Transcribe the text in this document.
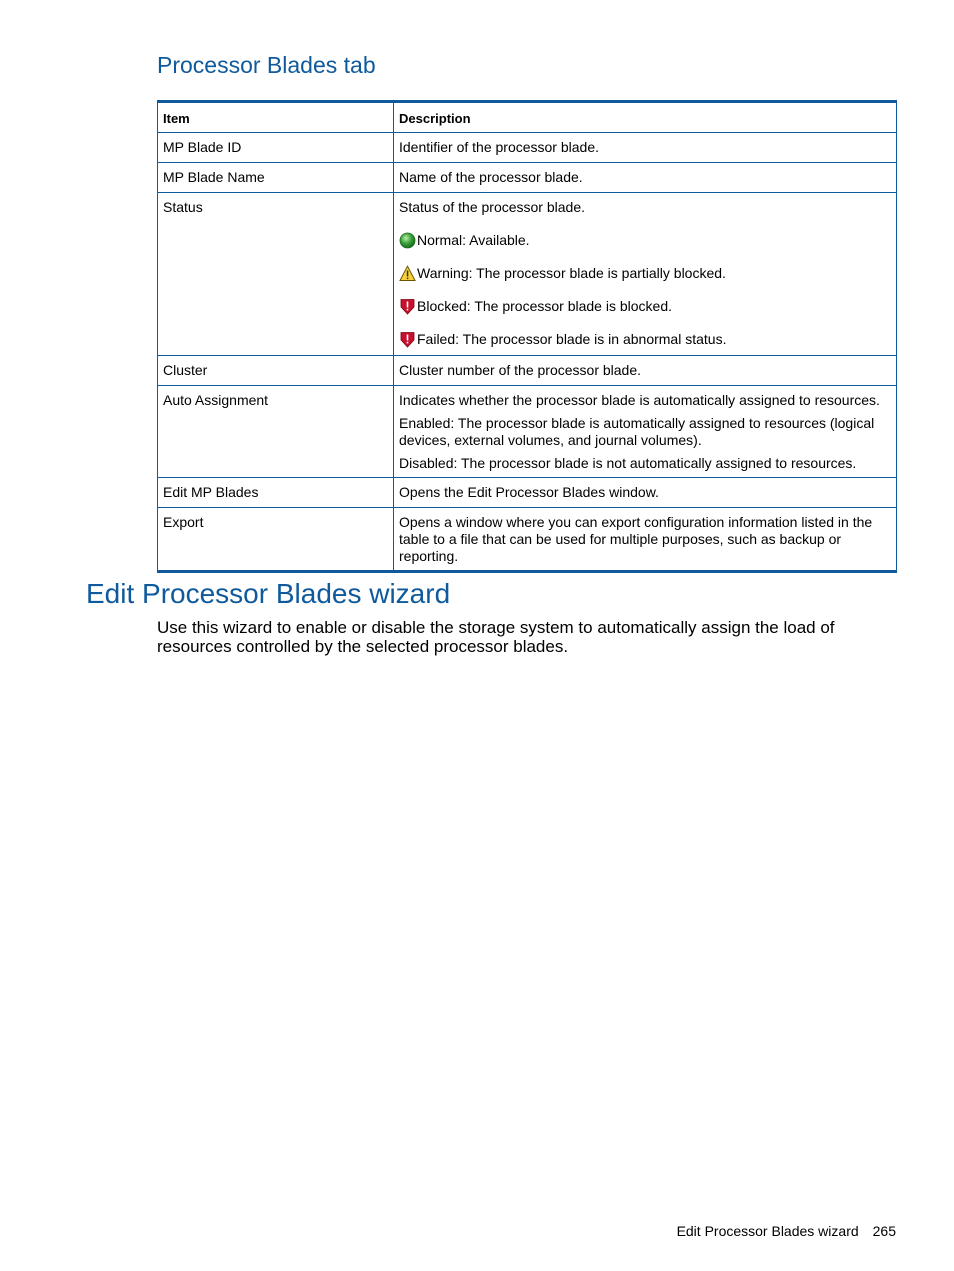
Processor Blades tab
Item	Description
MP Blade ID	Identifier of the processor blade.
MP Blade Name	Name of the processor blade.
Status	Status of the processor blade.
Normal: Available.
Warning: The processor blade is partially blocked.
Blocked: The processor blade is blocked.
Failed: The processor blade is in abnormal status.

Cluster	Cluster number of the processor blade.
Auto Assignment	Indicates whether the processor blade is automatically assigned to resources.
Enabled: The processor blade is automatically assigned to resources (logical devices, external volumes, and journal volumes).
Disabled: The processor blade is not automatically assigned to resources.

Edit MP Blades	Opens the Edit Processor Blades window.
Export	Opens a window where you can export configuration information listed in the table to a file that can be used for multiple purposes, such as backup or reporting.
Edit Processor Blades wizard

Use this wizard to enable or disable the storage system to automatically assign the load of resources controlled by the selected processor blades.

Edit Processor Blades wizard 265
